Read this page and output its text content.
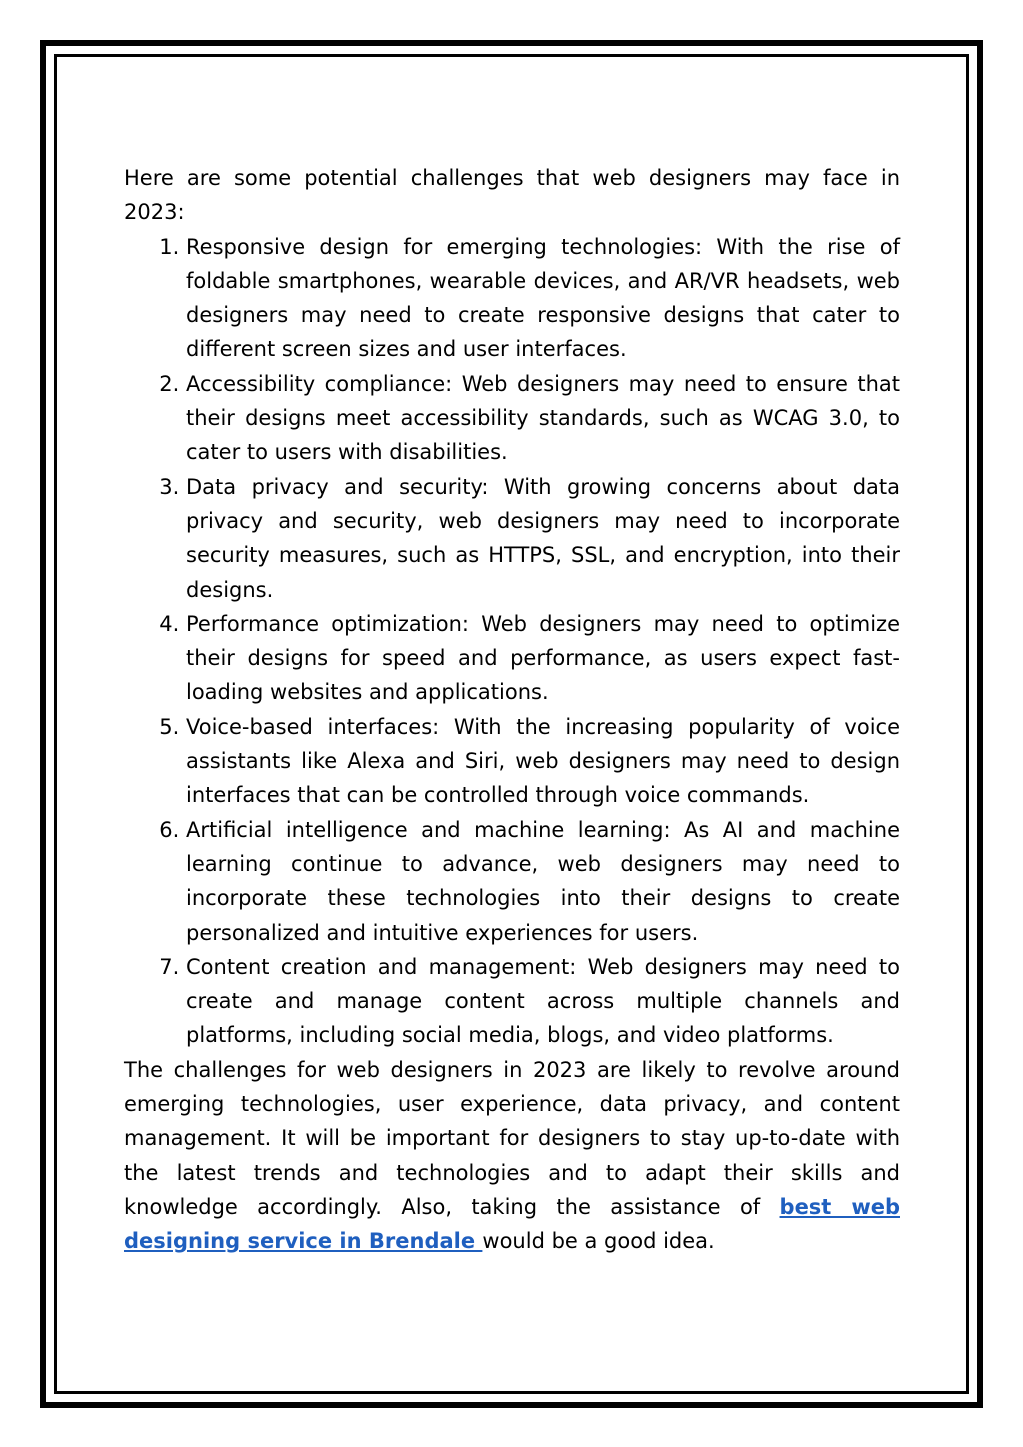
Here are some potential challenges that web designers may face in 2023:

1. Responsive design for emerging technologies: With the rise of foldable smartphones, wearable devices, and AR/VR headsets, web designers may need to create responsive designs that cater to different screen sizes and user interfaces.
2. Accessibility compliance: Web designers may need to ensure that their designs meet accessibility standards, such as WCAG 3.0, to cater to users with disabilities.
3. Data privacy and security: With growing concerns about data privacy and security, web designers may need to incorporate security measures, such as HTTPS, SSL, and encryption, into their designs.
4. Performance optimization: Web designers may need to optimize their designs for speed and performance, as users expect fast-loading websites and applications.
5. Voice-based interfaces: With the increasing popularity of voice assistants like Alexa and Siri, web designers may need to design interfaces that can be controlled through voice commands.
6. Artificial intelligence and machine learning: As AI and machine learning continue to advance, web designers may need to incorporate these technologies into their designs to create personalized and intuitive experiences for users.
7. Content creation and management: Web designers may need to create and manage content across multiple channels and platforms, including social media, blogs, and video platforms.

The challenges for web designers in 2023 are likely to revolve around emerging technologies, user experience, data privacy, and content management. It will be important for designers to stay up-to-date with the latest trends and technologies and to adapt their skills and knowledge accordingly. Also, taking the assistance of best web designing service in Brendale would be a good idea.
